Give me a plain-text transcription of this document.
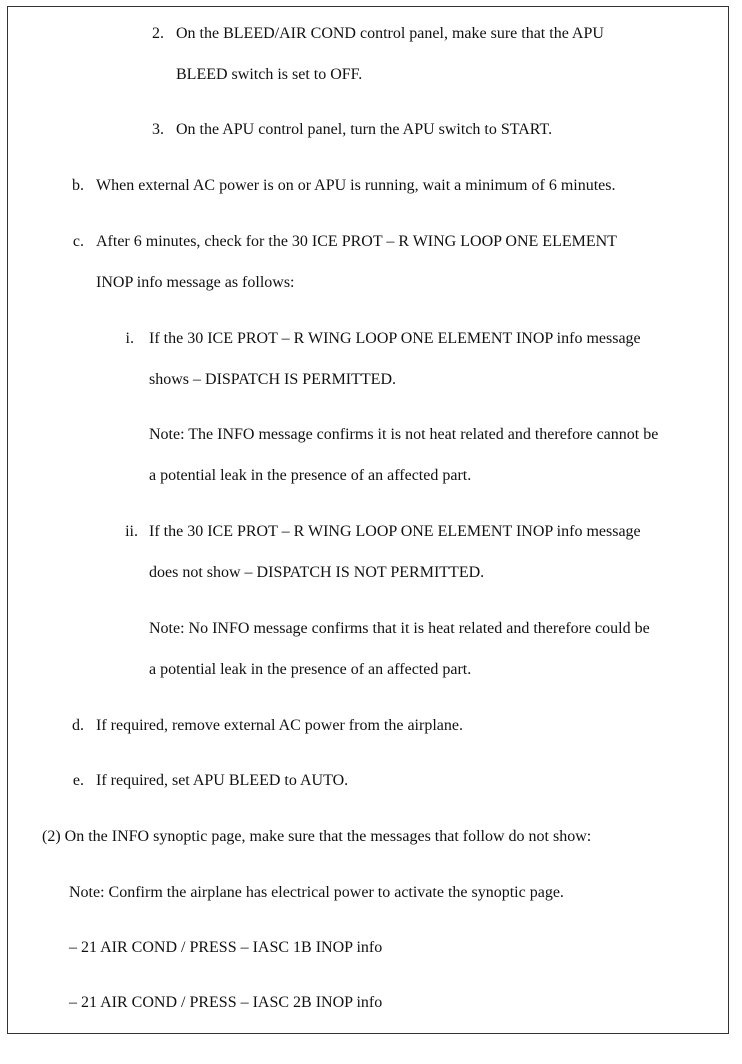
2. On the BLEED/AIR COND control panel, make sure that the APU
BLEED switch is set to OFF.
3. On the APU control panel, turn the APU switch to START.
b. When external AC power is on or APU is running, wait a minimum of 6 minutes.
c. After 6 minutes, check for the 30 ICE PROT – R WING LOOP ONE ELEMENT
INOP info message as follows:
i. If the 30 ICE PROT – R WING LOOP ONE ELEMENT INOP info message
shows – DISPATCH IS PERMITTED.
Note: The INFO message confirms it is not heat related and therefore cannot be
a potential leak in the presence of an affected part.
ii. If the 30 ICE PROT – R WING LOOP ONE ELEMENT INOP info message
does not show – DISPATCH IS NOT PERMITTED.
Note: No INFO message confirms that it is heat related and therefore could be
a potential leak in the presence of an affected part.
d. If required, remove external AC power from the airplane.
e. If required, set APU BLEED to AUTO.
(2) On the INFO synoptic page, make sure that the messages that follow do not show:
Note: Confirm the airplane has electrical power to activate the synoptic page.
– 21 AIR COND / PRESS – IASC 1B INOP info
– 21 AIR COND / PRESS – IASC 2B INOP info
